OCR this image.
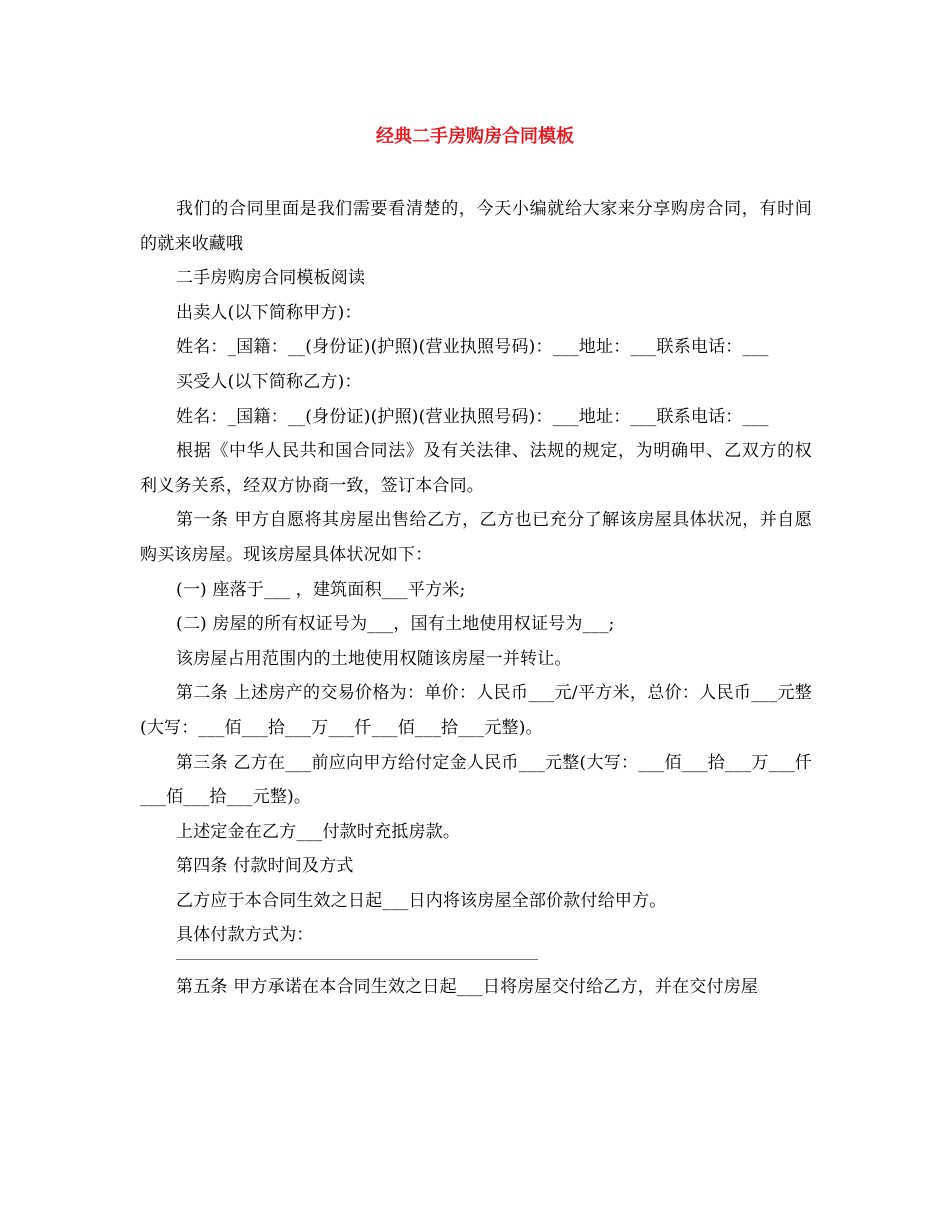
经典二手房购房合同模板

我们的合同里面是我们需要看清楚的，今天小编就给大家来分享购房合同，有时间的就来收藏哦

二手房购房合同模板阅读

出卖人(以下简称甲方)：

姓名：_国籍：__(身份证)(护照)(营业执照号码)：___地址：___联系电话：___

买受人(以下简称乙方)：

姓名：_国籍：__(身份证)(护照)(营业执照号码)：___地址：___联系电话：___

根据《中华人民共和国合同法》及有关法律、法规的规定，为明确甲、乙双方的权利义务关系，经双方协商一致，签订本合同。

第一条 甲方自愿将其房屋出售给乙方，乙方也已充分了解该房屋具体状况，并自愿购买该房屋。现该房屋具体状况如下：

(一) 座落于___ ，建筑面积___平方米;

(二) 房屋的所有权证号为___，国有土地使用权证号为___;

该房屋占用范围内的土地使用权随该房屋一并转让。

第二条 上述房产的交易价格为：单价：人民币___元/平方米，总价：人民币___元整(大写：___佰___拾___万___仟___佰___拾___元整)。

第三条 乙方在___前应向甲方给付定金人民币___元整(大写：___佰___拾___万___仟___佰___拾___元整)。

上述定金在乙方___付款时充抵房款。

第四条 付款时间及方式

乙方应于本合同生效之日起___日内将该房屋全部价款付给甲方。

具体付款方式为：

第五条 甲方承诺在本合同生效之日起___日将房屋交付给乙方，并在交付房屋
